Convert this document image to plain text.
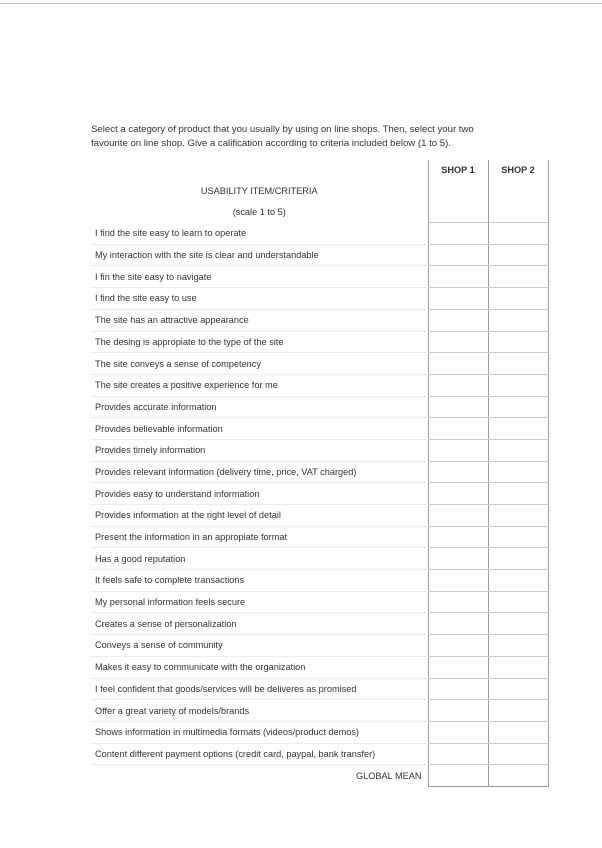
Select a category of product that you usually by using on line shops. Then, select your two

favourite on line shop. Give a calification according to criteria included below (1 to 5).

	SHOP 1	SHOP 2
USABILITY ITEM/CRITERIA		
(scale 1 to 5)		
I find the site easy to learn to operate		
My interaction with the site is clear and understandable		
I fin the site easy to navigate		
I find the site easy to use		
The site has an attractive appearance		
The desing is appropiate to the type of the site		
The site conveys a sense of competency		
The site creates a positive experience for me		
Provides accurate information		
Provides believable information		
Provides timely information		
Provides relevant information (delivery time, price, VAT charged)		
Provides easy to understand information		
Provides information at the right level of detail		
Present the information in an appropiate format		
Has a good reputation		
It feels safe to complete transactions		
My personal information feels secure		
Creates a sense of personalization		
Conveys a sense of community		
Makes it easy to communicate with the organization		
I feel confident that goods/services will be deliveres as promised		
Offer a great variety of models/brands		
Shows information in multimedia formats (videos/product demos)		
Content different payment options (credit card, paypal, bank transfer)		
GLOBAL MEAN		
